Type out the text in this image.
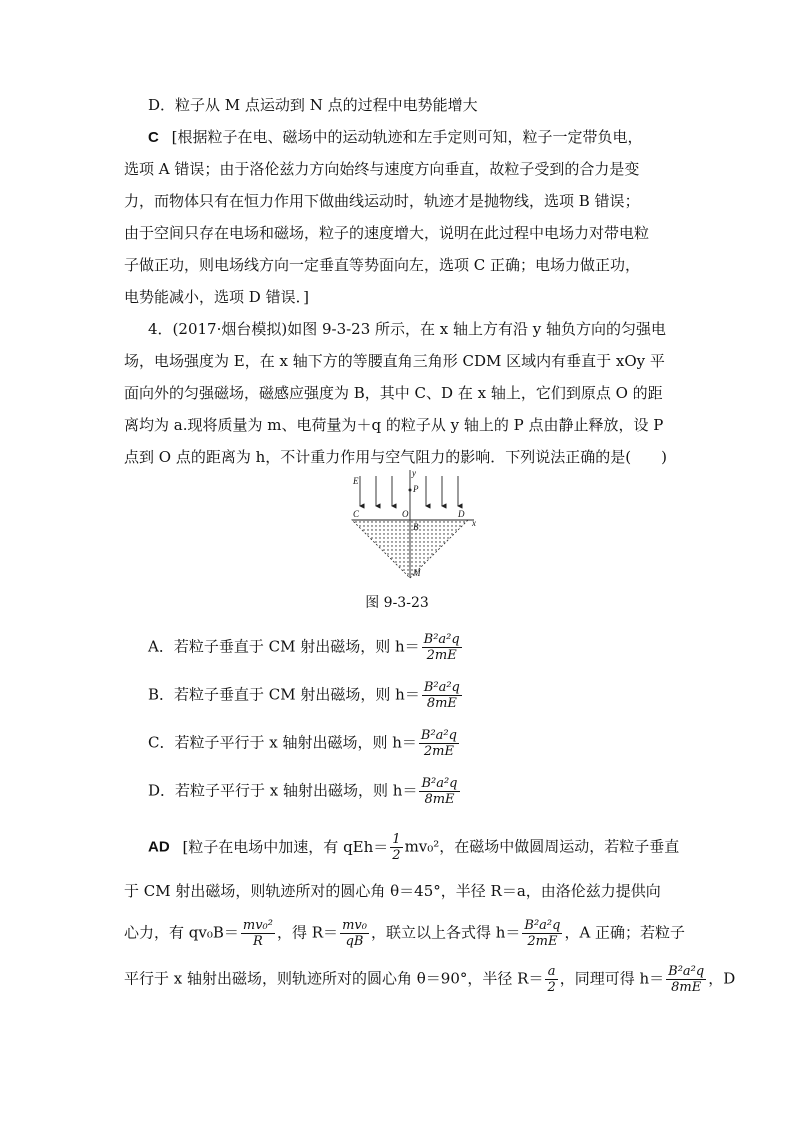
D．粒子从 M 点运动到 N 点的过程中电势能增大
C [根据粒子在电、磁场中的运动轨迹和左手定则可知，粒子一定带负电，
选项 A 错误；由于洛伦兹力方向始终与速度方向垂直，故粒子受到的合力是变
力，而物体只有在恒力作用下做曲线运动时，轨迹才是抛物线，选项 B 错误；
由于空间只存在电场和磁场，粒子的速度增大，说明在此过程中电场力对带电粒
子做正功，则电场线方向一定垂直等势面向左，选项 C 正确；电场力做正功，
电势能减小，选项 D 错误．]
4．(2017·烟台模拟)如图 9-3-23 所示，在 x 轴上方有沿 y 轴负方向的匀强电
场，电场强度为 E，在 x 轴下方的等腰直角三角形 CDM 区域内有垂直于 xOy 平
面向外的匀强磁场，磁感应强度为 B，其中 C、D 在 x 轴上，它们到原点 O 的距
离均为 a.现将质量为 m、电荷量为＋q 的粒子从 y 轴上的 P 点由静止释放，设 P
点到 O 点的距离为 h，不计重力作用与空气阻力的影响．下列说法正确的是(　　)
E
y
P
C	O	D
x
B
M
图 9-3-23
A．若粒子垂直于 CM 射出磁场，则 $h= \frac{\text{B²a²q}}{2mE}$
B．若粒子垂直于 CM 射出磁场，则 $h= \frac{\text{B²a²q}}{8mE}$
C．若粒子平行于 x 轴射出磁场，则 $h= \frac{\text{B²a²q}}{2mE}$
D．若粒子平行于 x 轴射出磁场，则 $h= \frac{\text{B²a²q}}{8mE}$
AD [粒子在电场中加速，有 $qEh= \frac{1}{2} mv_0^2$，在磁场中做圆周运动，若粒子垂直
于 CM 射出磁场，则轨迹所对的圆心角 θ＝45°，半径 R＝a，由洛伦兹力提供向
心力，有 $qv_0B= \frac{\text{mv₀²}}{R}$ ，得 $R= \frac{\text{mv₀}}{qB}$ ，联立以上各式得 $h= \frac{\text{B²a²q}}{2mE}$ ，A 正确；若粒子
平行于 x 轴射出磁场，则轨迹所对的圆心角 θ＝90°，半径 $R= \frac{a}{2}$ ，同理可得 $h= \frac{\text{B²a²q}}{8mE}$ ，D
